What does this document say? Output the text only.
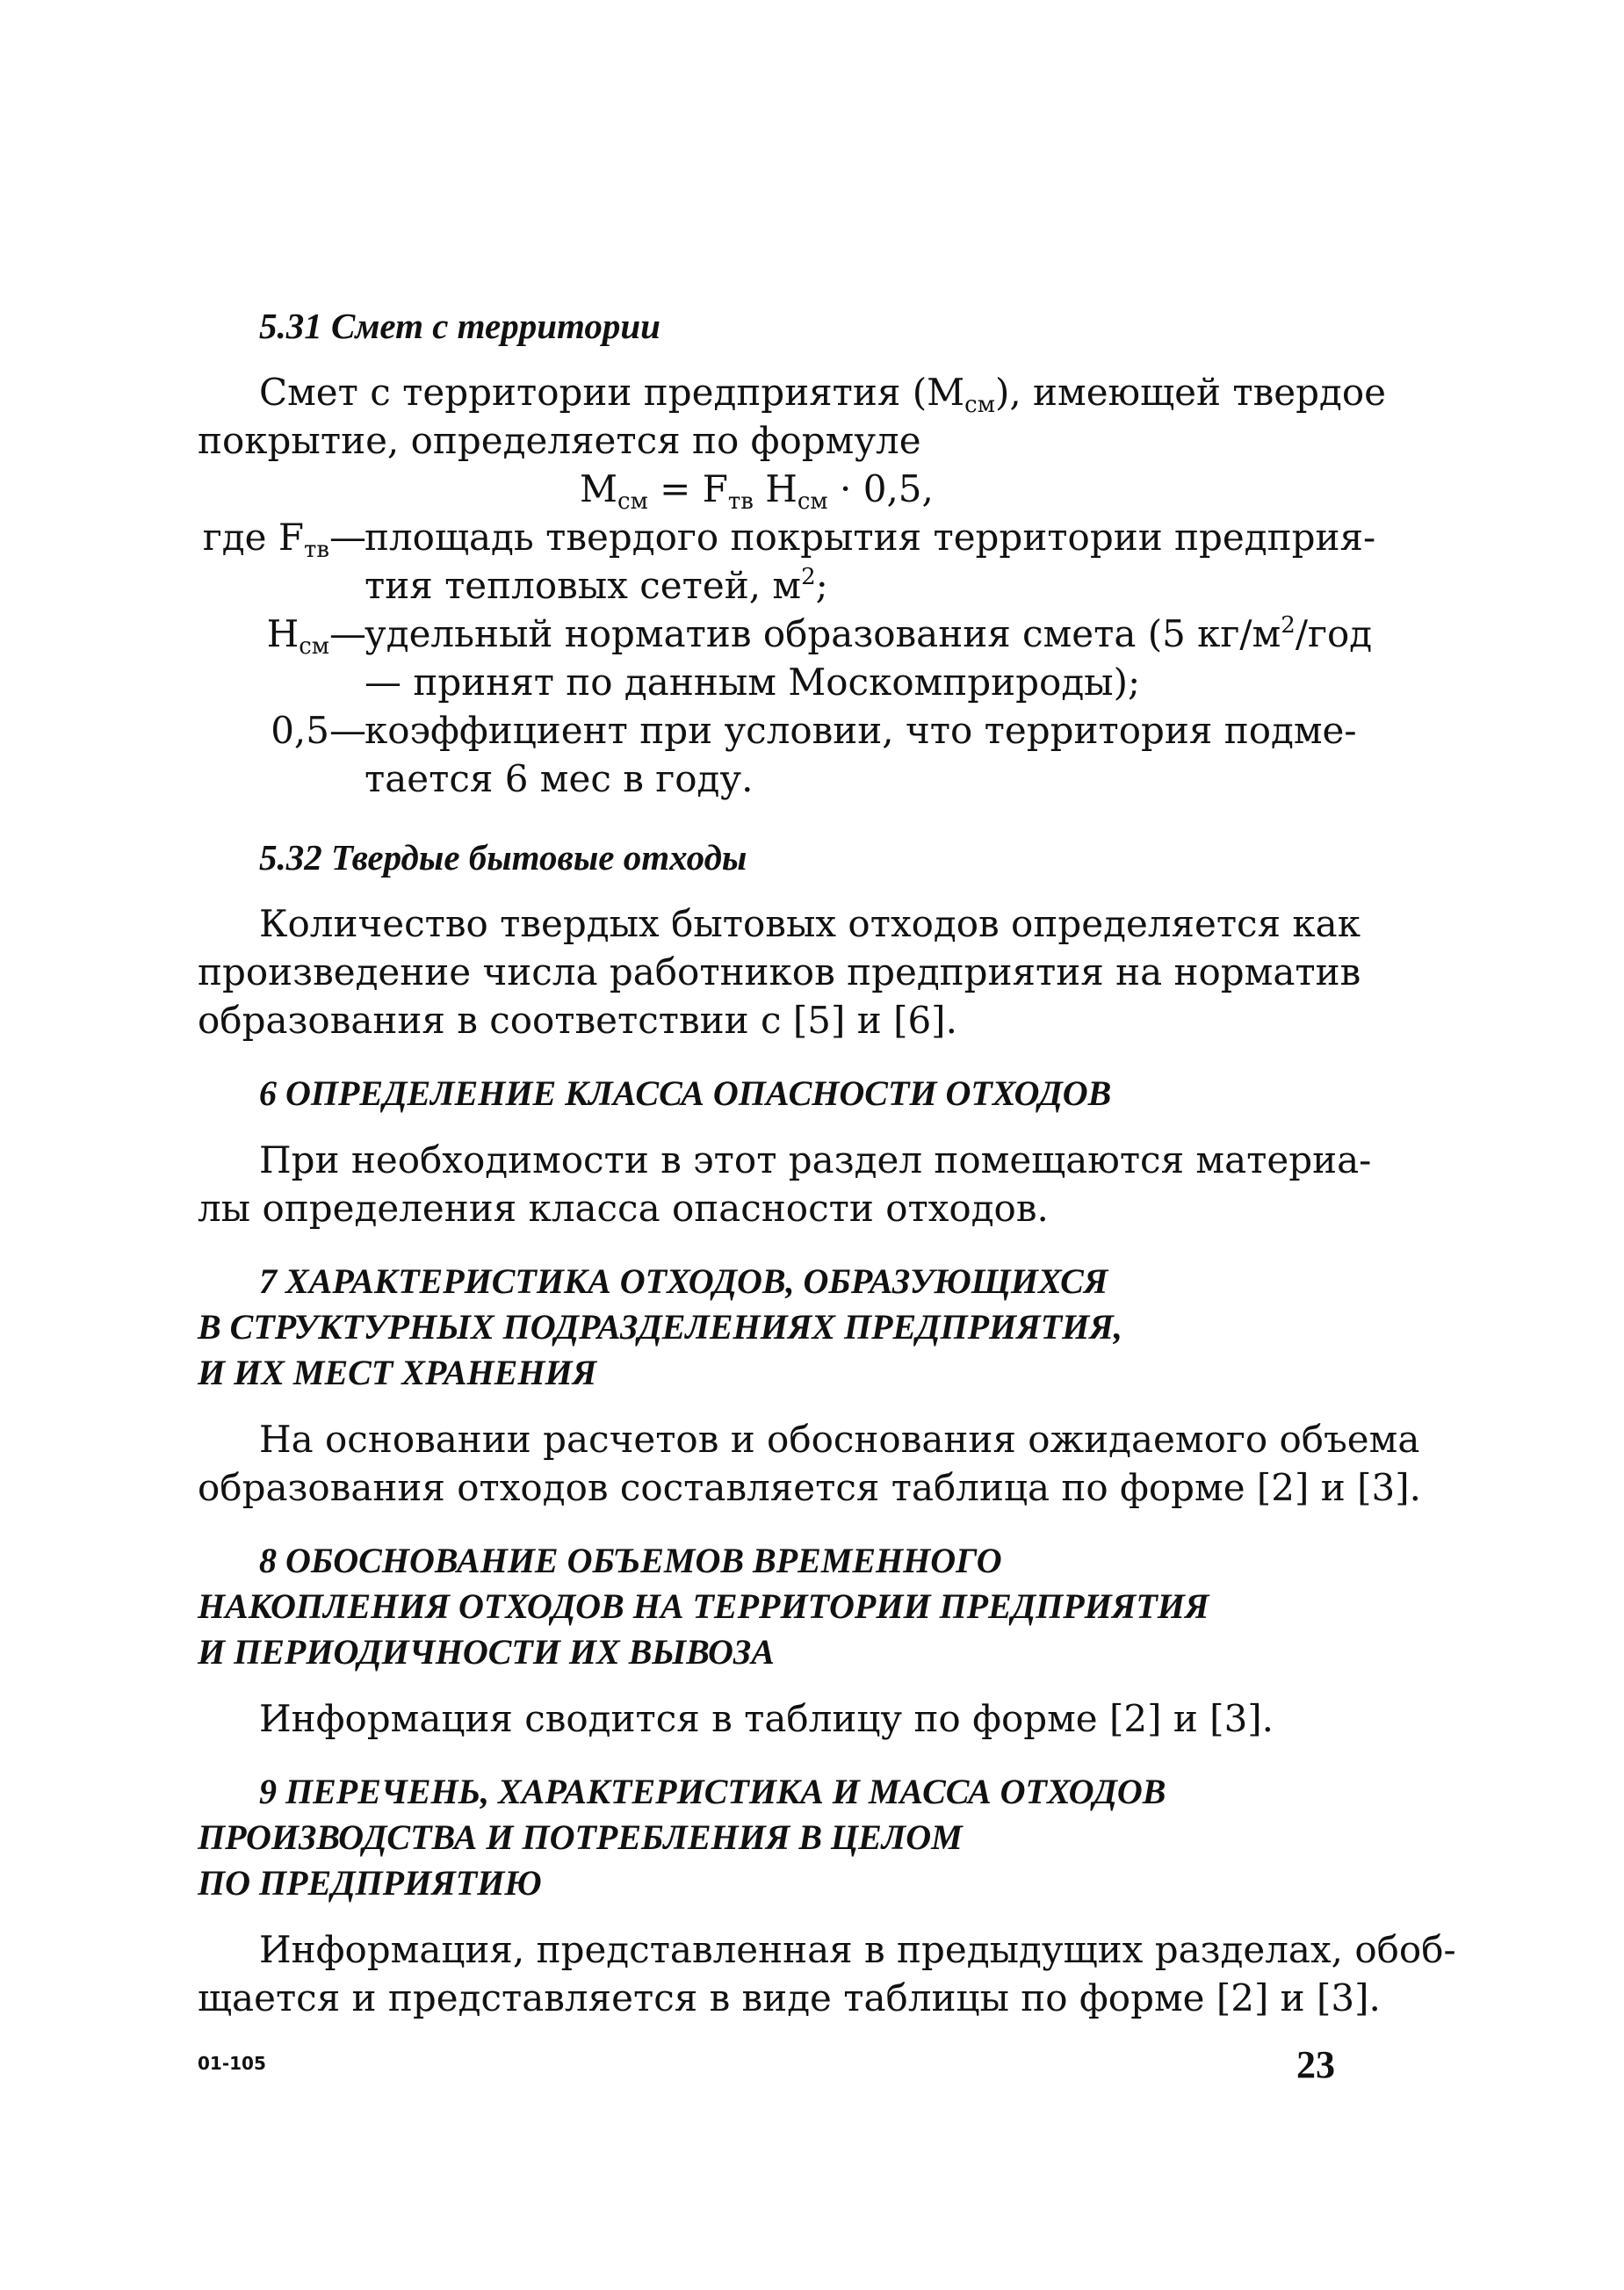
5.31 Смет с территории

Смет с территории предприятия $(М_{см})$, имеющей твердое
покрытие, определяется по формуле

$М_{см} = F_{тв}$ $Н_{см} \cdot 0,5$,

где $F_{тв}$ —
площадь твердого покрытия территории предприя-
тия тепловых сетей, $м^2$;
$Н_{см}$ —
удельный норматив образования смета (5 $кг/м^2$/год
— принят по данным Москомприроды);
0,5 —
коэффициент при условии, что территория подме-
тается 6 мес в году.
5.32 Твердые бытовые отходы

Количество твердых бытовых отходов определяется как
произведение числа работников предприятия на норматив
образования в соответствии с [5] и [6].

6 ОПРЕДЕЛЕНИЕ КЛАССА ОПАСНОСТИ ОТХОДОВ

При необходимости в этот раздел помещаются материа-
лы определения класса опасности отходов.

7 ХАРАКТЕРИСТИКА ОТХОДОВ, ОБРАЗУЮЩИХСЯ
В СТРУКТУРНЫХ ПОДРАЗДЕЛЕНИЯХ ПРЕДПРИЯТИЯ,
И ИХ МЕСТ ХРАНЕНИЯ

На основании расчетов и обоснования ожидаемого объема
образования отходов составляется таблица по форме [2] и [3].

8 ОБОСНОВАНИЕ ОБЪЕМОВ ВРЕМЕННОГО
НАКОПЛЕНИЯ ОТХОДОВ НА ТЕРРИТОРИИ ПРЕДПРИЯТИЯ
И ПЕРИОДИЧНОСТИ ИХ ВЫВОЗА

Информация сводится в таблицу по форме [2] и [3].

9 ПЕРЕЧЕНЬ, ХАРАКТЕРИСТИКА И МАССА ОТХОДОВ
ПРОИЗВОДСТВА И ПОТРЕБЛЕНИЯ В ЦЕЛОМ
ПО ПРЕДПРИЯТИЮ

Информация, представленная в предыдущих разделах, обоб-
щается и представляется в виде таблицы по форме [2] и [3].

01-105	23
